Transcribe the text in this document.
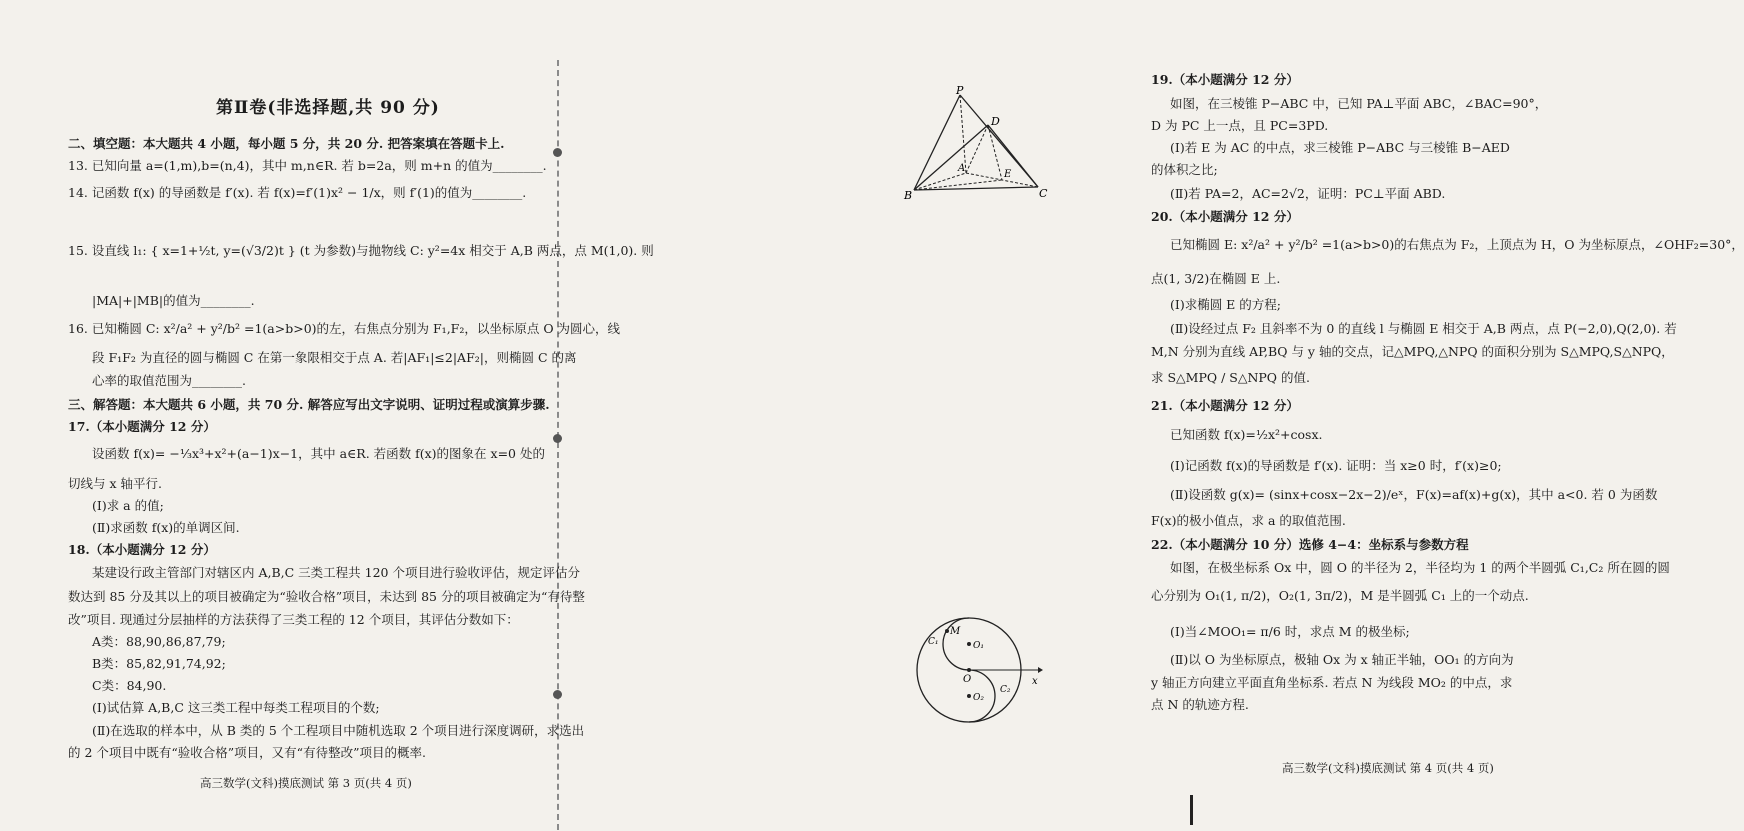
第Ⅱ卷(非选择题,共 90 分)
二、填空题：本大题共 4 小题，每小题 5 分，共 20 分. 把答案填在答题卡上.
13. 已知向量 a=(1,m),b=(n,4)，其中 m,n∈R. 若 b=2a，则 m+n 的值为________.
14. 记函数 f(x) 的导函数是 f′(x). 若 f(x)=f′(1)x² − 1/x，则 f′(1)的值为________.
15. 设直线 l₁: { x=1+½t, y=(√3/2)t } (t 为参数)与抛物线 C: y²=4x 相交于 A,B 两点，点 M(1,0). 则
|MA|+|MB|的值为________.
16. 已知椭圆 C: x²/a² + y²/b² =1(a>b>0)的左，右焦点分别为 F₁,F₂，以坐标原点 O 为圆心，线
段 F₁F₂ 为直径的圆与椭圆 C 在第一象限相交于点 A. 若|AF₁|≤2|AF₂|，则椭圆 C 的离
心率的取值范围为________.
三、解答题：本大题共 6 小题，共 70 分. 解答应写出文字说明、证明过程或演算步骤.
17.（本小题满分 12 分）
设函数 f(x)= −⅓x³+x²+(a−1)x−1，其中 a∈R. 若函数 f(x)的图象在 x=0 处的
切线与 x 轴平行.
(Ⅰ)求 a 的值;
(Ⅱ)求函数 f(x)的单调区间.
18.（本小题满分 12 分）
某建设行政主管部门对辖区内 A,B,C 三类工程共 120 个项目进行验收评估，规定评估分
数达到 85 分及其以上的项目被确定为“验收合格”项目，未达到 85 分的项目被确定为“有待整
改”项目. 现通过分层抽样的方法获得了三类工程的 12 个项目，其评估分数如下：
A类：88,90,86,87,79;
B类：85,82,91,74,92;
C类：84,90.
(Ⅰ)试估算 A,B,C 这三类工程中每类工程项目的个数;
(Ⅱ)在选取的样本中，从 B 类的 5 个工程项目中随机选取 2 个项目进行深度调研，求选出
的 2 个项目中既有“验收合格”项目，又有“有待整改”项目的概率.
高三数学(文科)摸底测试 第 3 页(共 4 页)
19.（本小题满分 12 分）
如图，在三棱锥 P−ABC 中，已知 PA⊥平面 ABC，∠BAC=90°，
D 为 PC 上一点，且 PC=3PD.
(Ⅰ)若 E 为 AC 的中点，求三棱锥 P−ABC 与三棱锥 B−AED
的体积之比;
(Ⅱ)若 PA=2，AC=2√2，证明：PC⊥平面 ABD.
20.（本小题满分 12 分）
已知椭圆 E: x²/a² + y²/b² =1(a>b>0)的右焦点为 F₂，上顶点为 H，O 为坐标原点，∠OHF₂=30°，
点(1, 3/2)在椭圆 E 上.
(Ⅰ)求椭圆 E 的方程;
(Ⅱ)设经过点 F₂ 且斜率不为 0 的直线 l 与椭圆 E 相交于 A,B 两点，点 P(−2,0),Q(2,0). 若
M,N 分别为直线 AP,BQ 与 y 轴的交点，记△MPQ,△NPQ 的面积分别为 S△MPQ,S△NPQ，
求 S△MPQ / S△NPQ 的值.
21.（本小题满分 12 分）
已知函数 f(x)=½x²+cosx.
(Ⅰ)记函数 f(x)的导函数是 f′(x). 证明：当 x≥0 时，f′(x)≥0;
(Ⅱ)设函数 g(x)= (sinx+cosx−2x−2)/eˣ，F(x)=af(x)+g(x)，其中 a<0. 若 0 为函数
F(x)的极小值点，求 a 的取值范围.
22.（本小题满分 10 分）选修 4−4：坐标系与参数方程
如图，在极坐标系 Ox 中，圆 O 的半径为 2，半径均为 1 的两个半圆弧 C₁,C₂ 所在圆的圆
心分别为 O₁(1, π/2)，O₂(1, 3π/2)，M 是半圆弧 C₁ 上的一个动点.
(Ⅰ)当∠MOO₁= π/6 时，求点 M 的极坐标;
(Ⅱ)以 O 为坐标原点，极轴 Ox 为 x 轴正半轴，OO₁ 的方向为
y 轴正方向建立平面直角坐标系. 若点 N 为线段 MO₂ 的中点，求
点 N 的轨迹方程.
高三数学(文科)摸底测试 第 4 页(共 4 页)
P
A
B	C
D
E
M
C₁
C₂
O₁
O₂
O	x
